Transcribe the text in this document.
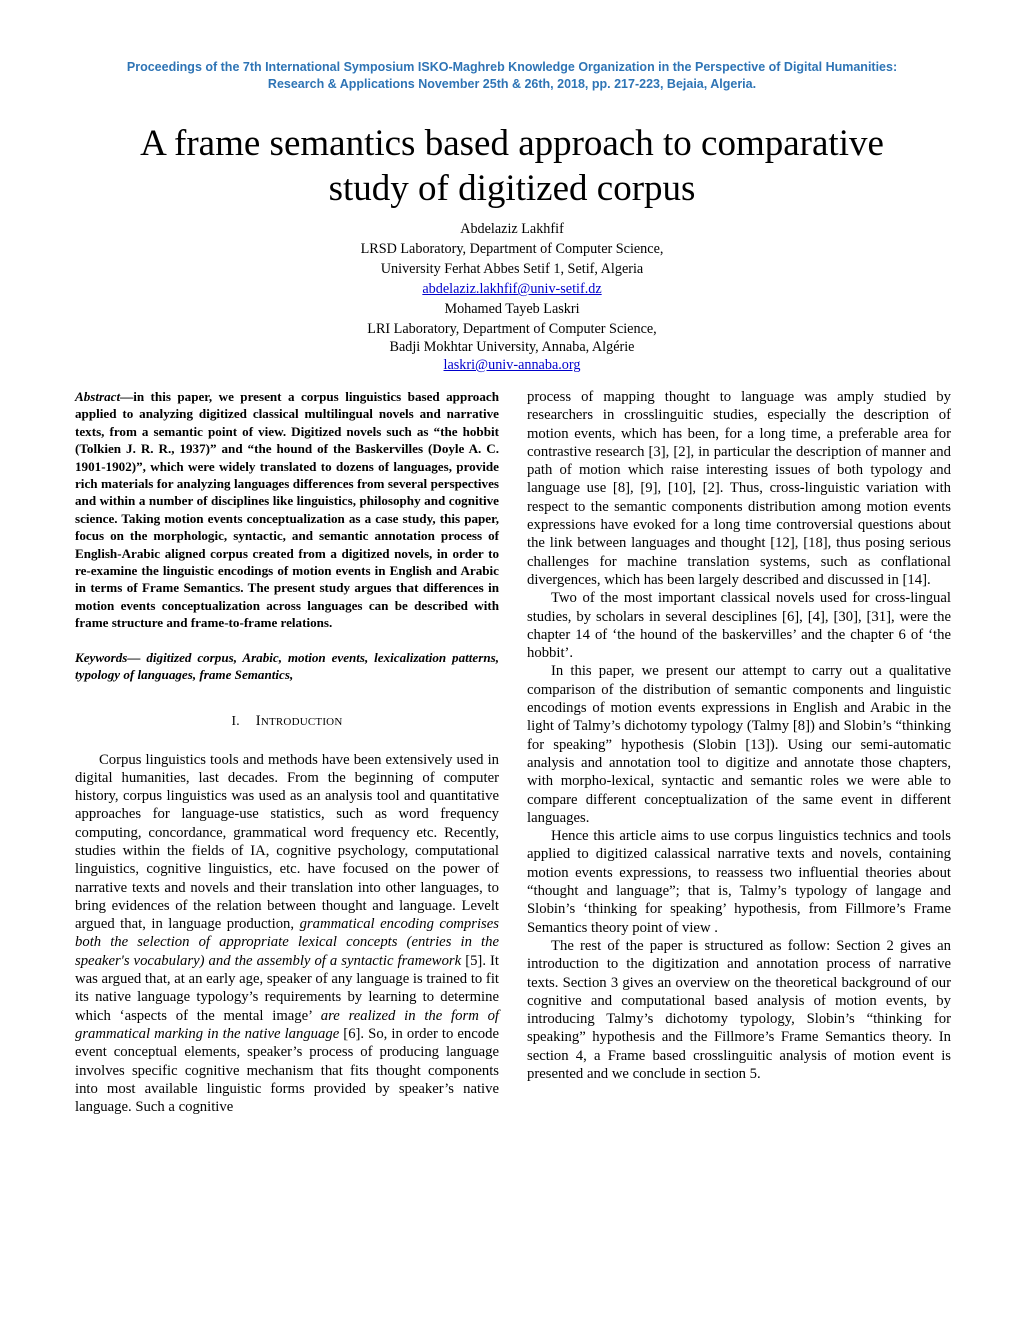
Proceedings of the 7th International Symposium ISKO-Maghreb Knowledge Organization in the Perspective of Digital Humanities:
Research & Applications November 25th & 26th, 2018, pp. 217-223, Bejaia, Algeria.
A frame semantics based approach to comparative
study of digitized corpus
Abdelaziz Lakhfif
LRSD Laboratory, Department of Computer Science,
University Ferhat Abbes Setif 1, Setif, Algeria
abdelaziz.lakhfif@univ-setif.dz
Mohamed Tayeb Laskri
LRI Laboratory, Department of Computer Science,
Badji Mokhtar University, Annaba, Algérie
laskri@univ-annaba.org

Abstract—in this paper, we present a corpus linguistics based approach applied to analyzing digitized classical multilingual novels and narrative texts, from a semantic point of view. Digitized novels such as “the hobbit (Tolkien J. R. R., 1937)” and “the hound of the Baskervilles (Doyle A. C. 1901-1902)”, which were widely translated to dozens of languages, provide rich materials for analyzing languages differences from several perspectives and within a number of disciplines like linguistics, philosophy and cognitive science. Taking motion events conceptualization as a case study, this paper, focus on the morphologic, syntactic, and semantic annotation process of English-Arabic aligned corpus created from a digitized novels, in order to re-examine the linguistic encodings of motion events in English and Arabic in terms of Frame Semantics. The present study argues that differences in motion events conceptualization across languages can be described with frame structure and frame-to-frame relations.

Keywords— digitized corpus, Arabic, motion events, lexicalization patterns, typology of languages, frame Semantics,

I. INTRODUCTION

Corpus linguistics tools and methods have been extensively used in digital humanities, last decades. From the beginning of computer history, corpus linguistics was used as an analysis tool and quantitative approaches for language-use statistics, such as word frequency computing, concordance, grammatical word frequency etc. Recently, studies within the fields of IA, cognitive psychology, computational linguistics, cognitive linguistics, etc. have focused on the power of narrative texts and novels and their translation into other languages, to bring evidences of the relation between thought and language. Levelt argued that, in language production, grammatical encoding comprises both the selection of appropriate lexical concepts (entries in the speaker's vocabulary) and the assembly of a syntactic framework [5]. It was argued that, at an early age, speaker of any language is trained to fit its native language typology’s requirements by learning to determine which ‘aspects of the mental image’ are realized in the form of grammatical marking in the native language [6]. So, in order to encode event conceptual elements, speaker’s process of producing language involves specific cognitive mechanism that fits thought components into most available linguistic forms provided by speaker’s native language. Such a cognitive

process of mapping thought to language was amply studied by researchers in crosslinguitic studies, especially the description of motion events, which has been, for a long time, a preferable area for contrastive research [3], [2], in particular the description of manner and path of motion which raise interesting issues of both typology and language use [8], [9], [10], [2]. Thus, cross-linguistic variation with respect to the semantic components distribution among motion events expressions have evoked for a long time controversial questions about the link between languages and thought [12], [18], thus posing serious challenges for machine translation systems, such as conflational divergences, which has been largely described and discussed in [14].

Two of the most important classical novels used for cross-lingual studies, by scholars in several desciplines [6], [4], [30], [31], were the chapter 14 of ‘the hound of the baskervilles’ and the chapter 6 of ‘the hobbit’.

In this paper, we present our attempt to carry out a qualitative comparison of the distribution of semantic components and linguistic encodings of motion events expressions in English and Arabic in the light of Talmy’s dichotomy typology (Talmy [8]) and Slobin’s “thinking for speaking” hypothesis (Slobin [13]). Using our semi-automatic analysis and annotation tool to digitize and annotate those chapters, with morpho-lexical, syntactic and semantic roles we were able to compare different conceptualization of the same event in different languages.

Hence this article aims to use corpus linguistics technics and tools applied to digitized calassical narrative texts and novels, containing motion events expressions, to reassess two influential theories about “thought and language”; that is, Talmy’s typology of langage and Slobin’s ‘thinking for speaking’ hypothesis, from Fillmore’s Frame Semantics theory point of view .

The rest of the paper is structured as follow: Section 2 gives an introduction to the digitization and annotation process of narrative texts. Section 3 gives an overview on the theoretical background of our cognitive and computational based analysis of motion events, by introducing Talmy’s dichotomy typology, Slobin’s “thinking for speaking” hypothesis and the Fillmore’s Frame Semantics theory. In section 4, a Frame based crosslinguitic analysis of motion event is presented and we conclude in section 5.
